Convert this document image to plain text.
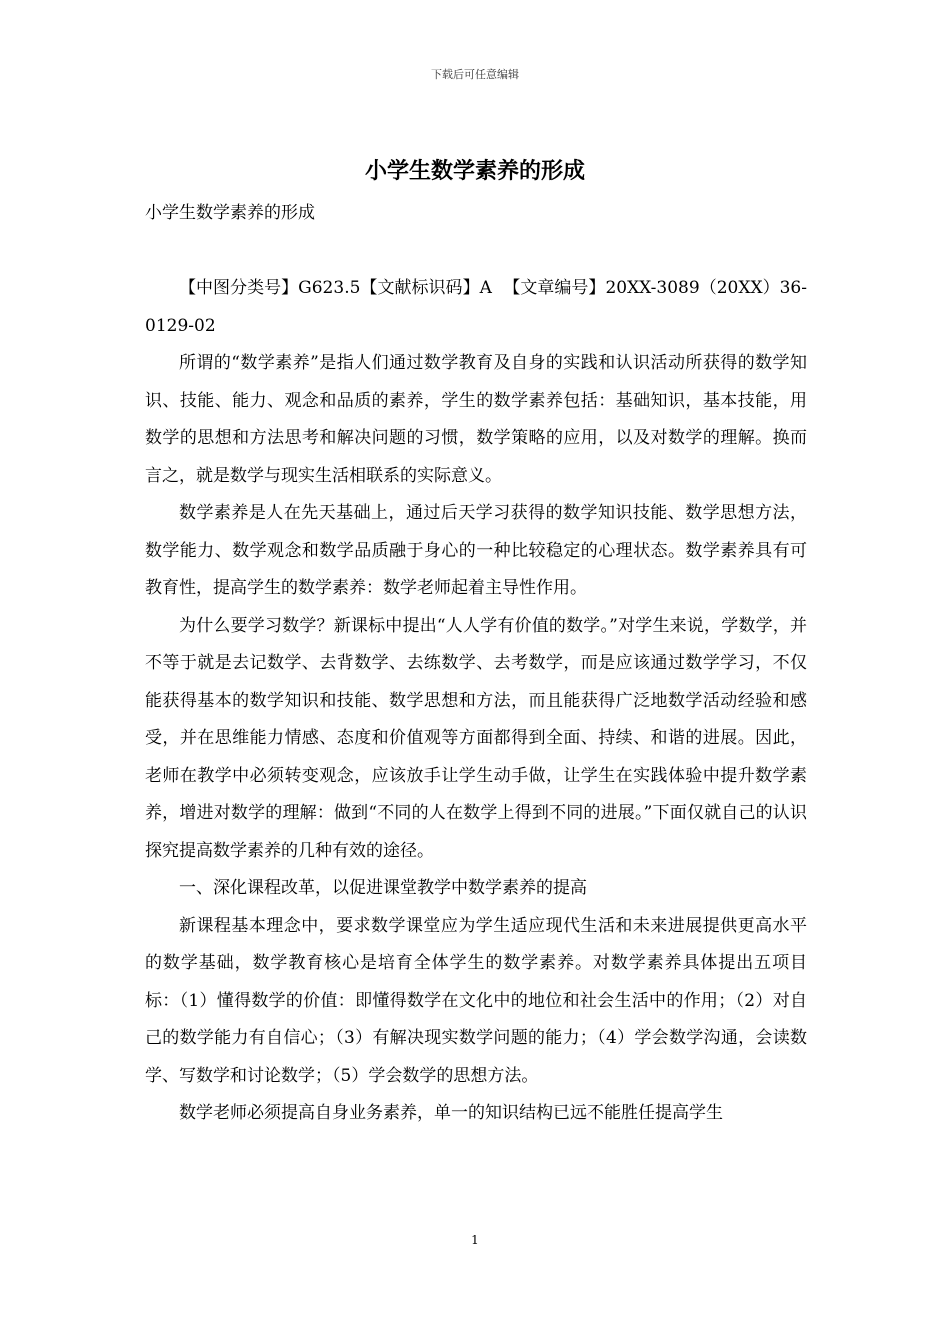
下载后可任意编辑
小学生数学素养的形成
小学生数学素养的形成

【中图分类号】G623.5【文献标识码】A 【文章编号】20XX-3089（20XX）36-0129-02

所谓的“数学素养”是指人们通过数学教育及自身的实践和认识活动所获得的数学知识、技能、能力、观念和品质的素养，学生的数学素养包括：基础知识，基本技能，用数学的思想和方法思考和解决问题的习惯，数学策略的应用，以及对数学的理解。换而言之，就是数学与现实生活相联系的实际意义。

数学素养是人在先天基础上，通过后天学习获得的数学知识技能、数学思想方法，数学能力、数学观念和数学品质融于身心的一种比较稳定的心理状态。数学素养具有可教育性，提高学生的数学素养：数学老师起着主导性作用。

为什么要学习数学？新课标中提出“人人学有价值的数学。”对学生来说，学数学，并不等于就是去记数学、去背数学、去练数学、去考数学，而是应该通过数学学习，不仅能获得基本的数学知识和技能、数学思想和方法，而且能获得广泛地数学活动经验和感受，并在思维能力情感、态度和价值观等方面都得到全面、持续、和谐的进展。因此，老师在教学中必须转变观念，应该放手让学生动手做，让学生在实践体验中提升数学素养，增进对数学的理解：做到“不同的人在数学上得到不同的进展。”下面仅就自己的认识探究提高数学素养的几种有效的途径。

一、深化课程改革，以促进课堂教学中数学素养的提高

新课程基本理念中，要求数学课堂应为学生适应现代生活和未来进展提供更高水平的数学基础，数学教育核心是培育全体学生的数学素养。对数学素养具体提出五项目标：（1）懂得数学的价值：即懂得数学在文化中的地位和社会生活中的作用；（2）对自己的数学能力有自信心；（3）有解决现实数学问题的能力；（4）学会数学沟通，会读数学、写数学和讨论数学；（5）学会数学的思想方法。

数学老师必须提高自身业务素养，单一的知识结构已远不能胜任提高学生

1
